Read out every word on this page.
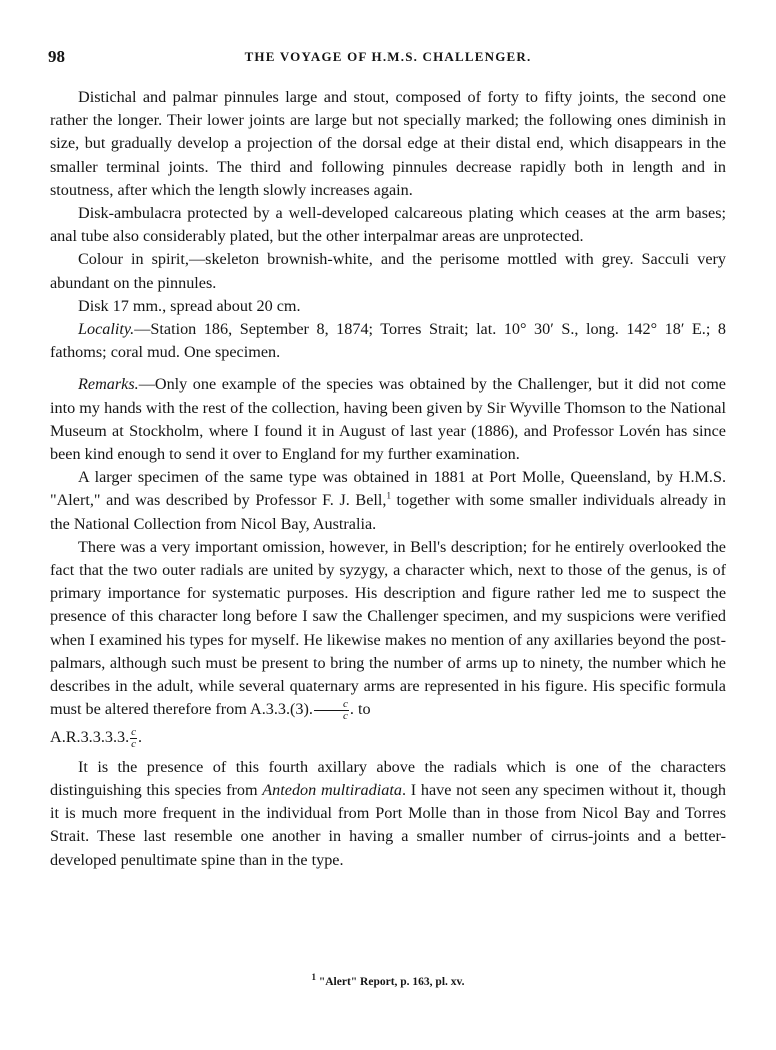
98	THE VOYAGE OF H.M.S. CHALLENGER.

Distichal and palmar pinnules large and stout, composed of forty to fifty joints, the second one rather the longer. Their lower joints are large but not specially marked; the following ones diminish in size, but gradually develop a projection of the dorsal edge at their distal end, which disappears in the smaller terminal joints. The third and following pinnules decrease rapidly both in length and in stoutness, after which the length slowly increases again.

Disk-ambulacra protected by a well-developed calcareous plating which ceases at the arm bases; anal tube also considerably plated, but the other interpalmar areas are unprotected.

Colour in spirit,—skeleton brownish-white, and the perisome mottled with grey. Sacculi very abundant on the pinnules.

Disk 17 mm., spread about 20 cm.

Locality.—Station 186, September 8, 1874; Torres Strait; lat. 10° 30′ S., long. 142° 18′ E.; 8 fathoms; coral mud. One specimen.

Remarks.—Only one example of the species was obtained by the Challenger, but it did not come into my hands with the rest of the collection, having been given by Sir Wyville Thomson to the National Museum at Stockholm, where I found it in August of last year (1886), and Professor Lovén has since been kind enough to send it over to England for my further examination.

A larger specimen of the same type was obtained in 1881 at Port Molle, Queensland, by H.M.S. "Alert," and was described by Professor F. J. Bell,$^1$ together with some smaller individuals already in the National Collection from Nicol Bay, Australia.

There was a very important omission, however, in Bell's description; for he entirely overlooked the fact that the two outer radials are united by syzygy, a character which, next to those of the genus, is of primary importance for systematic purposes. His description and figure rather led me to suspect the presence of this character long before I saw the Challenger specimen, and my suspicions were verified when I examined his types for myself. He likewise makes no mention of any axillaries beyond the post-palmars, although such must be present to bring the number of arms up to ninety, the number which he describes in the adult, while several quaternary arms are represented in his figure. His specific formula must be altered therefore from A.3.3.(3). $\frac{c}{c}$ . to

A.R.3.3.3.3. $\frac{c}{c}$ .

It is the presence of this fourth axillary above the radials which is one of the characters distinguishing this species from Antedon multiradiata. I have not seen any specimen without it, though it is much more frequent in the individual from Port Molle than in those from Nicol Bay and Torres Strait. These last resemble one another in having a smaller number of cirrus-joints and a better-developed penultimate spine than in the type.

$^1$ "Alert" Report, p. 163, pl. xv.
